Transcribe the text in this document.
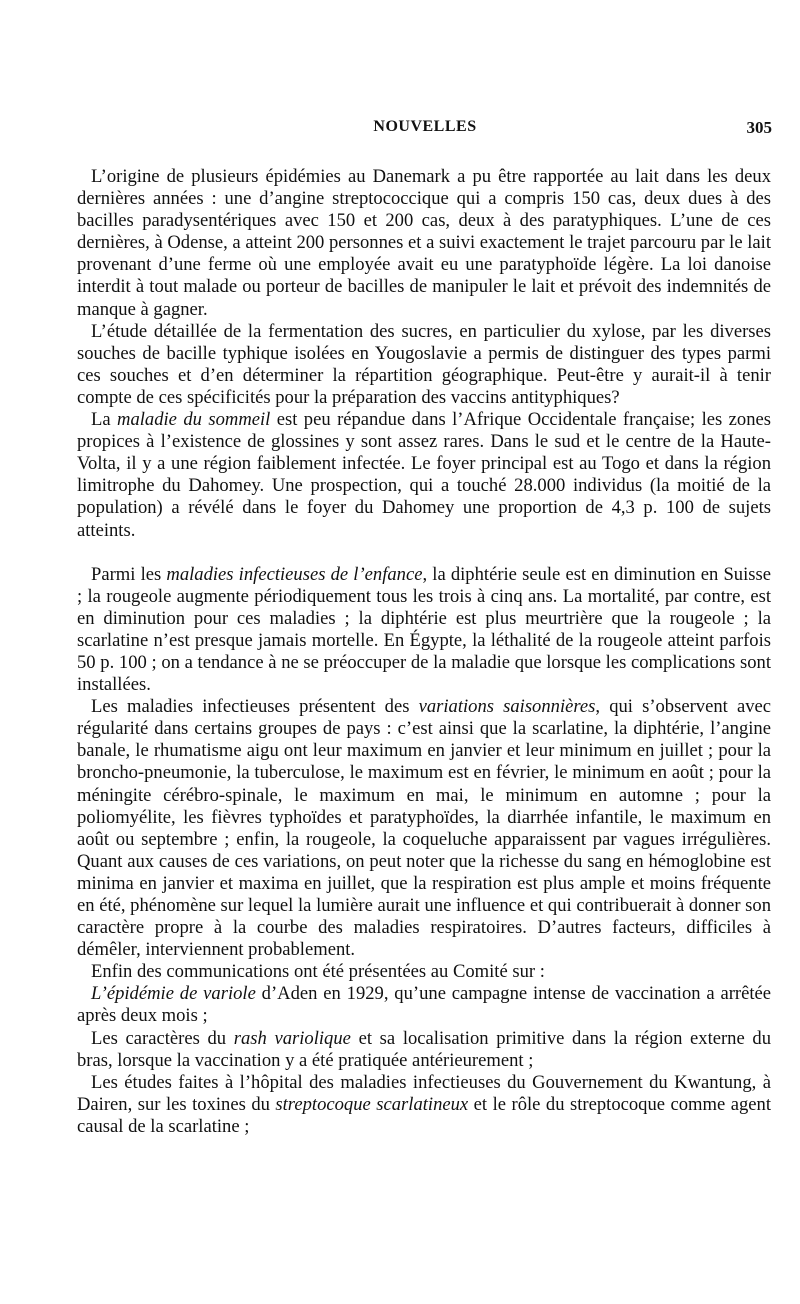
NOUVELLES	305

L’origine de plusieurs épidémies au Danemark a pu être rapportée au lait dans les deux dernières années : une d’angine streptococcique qui a compris 150 cas, deux dues à des bacilles paradysentériques avec 150 et 200 cas, deux à des paratyphiques. L’une de ces dernières, à Odense, a atteint 200 personnes et a suivi exactement le trajet parcouru par le lait provenant d’une ferme où une employée avait eu une paratyphoïde légère. La loi danoise interdit à tout malade ou porteur de bacilles de manipuler le lait et prévoit des indemnités de manque à gagner.

L’étude détaillée de la fermentation des sucres, en particulier du xylose, par les diverses souches de bacille typhique isolées en Yougoslavie a permis de distinguer des types parmi ces souches et d’en déterminer la répartition géographique. Peut-être y aurait-il à tenir compte de ces spécificités pour la préparation des vaccins antityphiques?

La maladie du sommeil est peu répandue dans l’Afrique Occidentale française; les zones propices à l’existence de glossines y sont assez rares. Dans le sud et le centre de la Haute-Volta, il y a une région faiblement infectée. Le foyer principal est au Togo et dans la région limitrophe du Dahomey. Une prospection, qui a touché 28.000 individus (la moitié de la population) a révélé dans le foyer du Dahomey une proportion de 4,3 p. 100 de sujets atteints.

Parmi les maladies infectieuses de l’enfance, la diphtérie seule est en diminution en Suisse ; la rougeole augmente périodiquement tous les trois à cinq ans. La mortalité, par contre, est en diminution pour ces maladies ; la diphtérie est plus meurtrière que la rougeole ; la scarlatine n’est presque jamais mortelle. En Égypte, la léthalité de la rougeole atteint parfois 50 p. 100 ; on a tendance à ne se préoccuper de la maladie que lorsque les complications sont installées.

Les maladies infectieuses présentent des variations saisonnières, qui s’observent avec régularité dans certains groupes de pays : c’est ainsi que la scarlatine, la diphtérie, l’angine banale, le rhumatisme aigu ont leur maximum en janvier et leur minimum en juillet ; pour la broncho-pneumonie, la tuberculose, le maximum est en février, le minimum en août ; pour la méningite cérébro-spinale, le maximum en mai, le minimum en automne ; pour la poliomyélite, les fièvres typhoïdes et paratyphoïdes, la diarrhée infantile, le maximum en août ou septembre ; enfin, la rougeole, la coqueluche apparaissent par vagues irrégulières. Quant aux causes de ces variations, on peut noter que la richesse du sang en hémoglobine est minima en janvier et maxima en juillet, que la respiration est plus ample et moins fréquente en été, phénomène sur lequel la lumière aurait une influence et qui contribuerait à donner son caractère propre à la courbe des maladies respiratoires. D’autres facteurs, difficiles à démêler, interviennent probablement.

Enfin des communications ont été présentées au Comité sur :

L’épidémie de variole d’Aden en 1929, qu’une campagne intense de vaccination a arrêtée après deux mois ;

Les caractères du rash variolique et sa localisation primitive dans la région externe du bras, lorsque la vaccination y a été pratiquée antérieurement ;

Les études faites à l’hôpital des maladies infectieuses du Gouvernement du Kwantung, à Dairen, sur les toxines du streptocoque scarlatineux et le rôle du streptocoque comme agent causal de la scarlatine ;
